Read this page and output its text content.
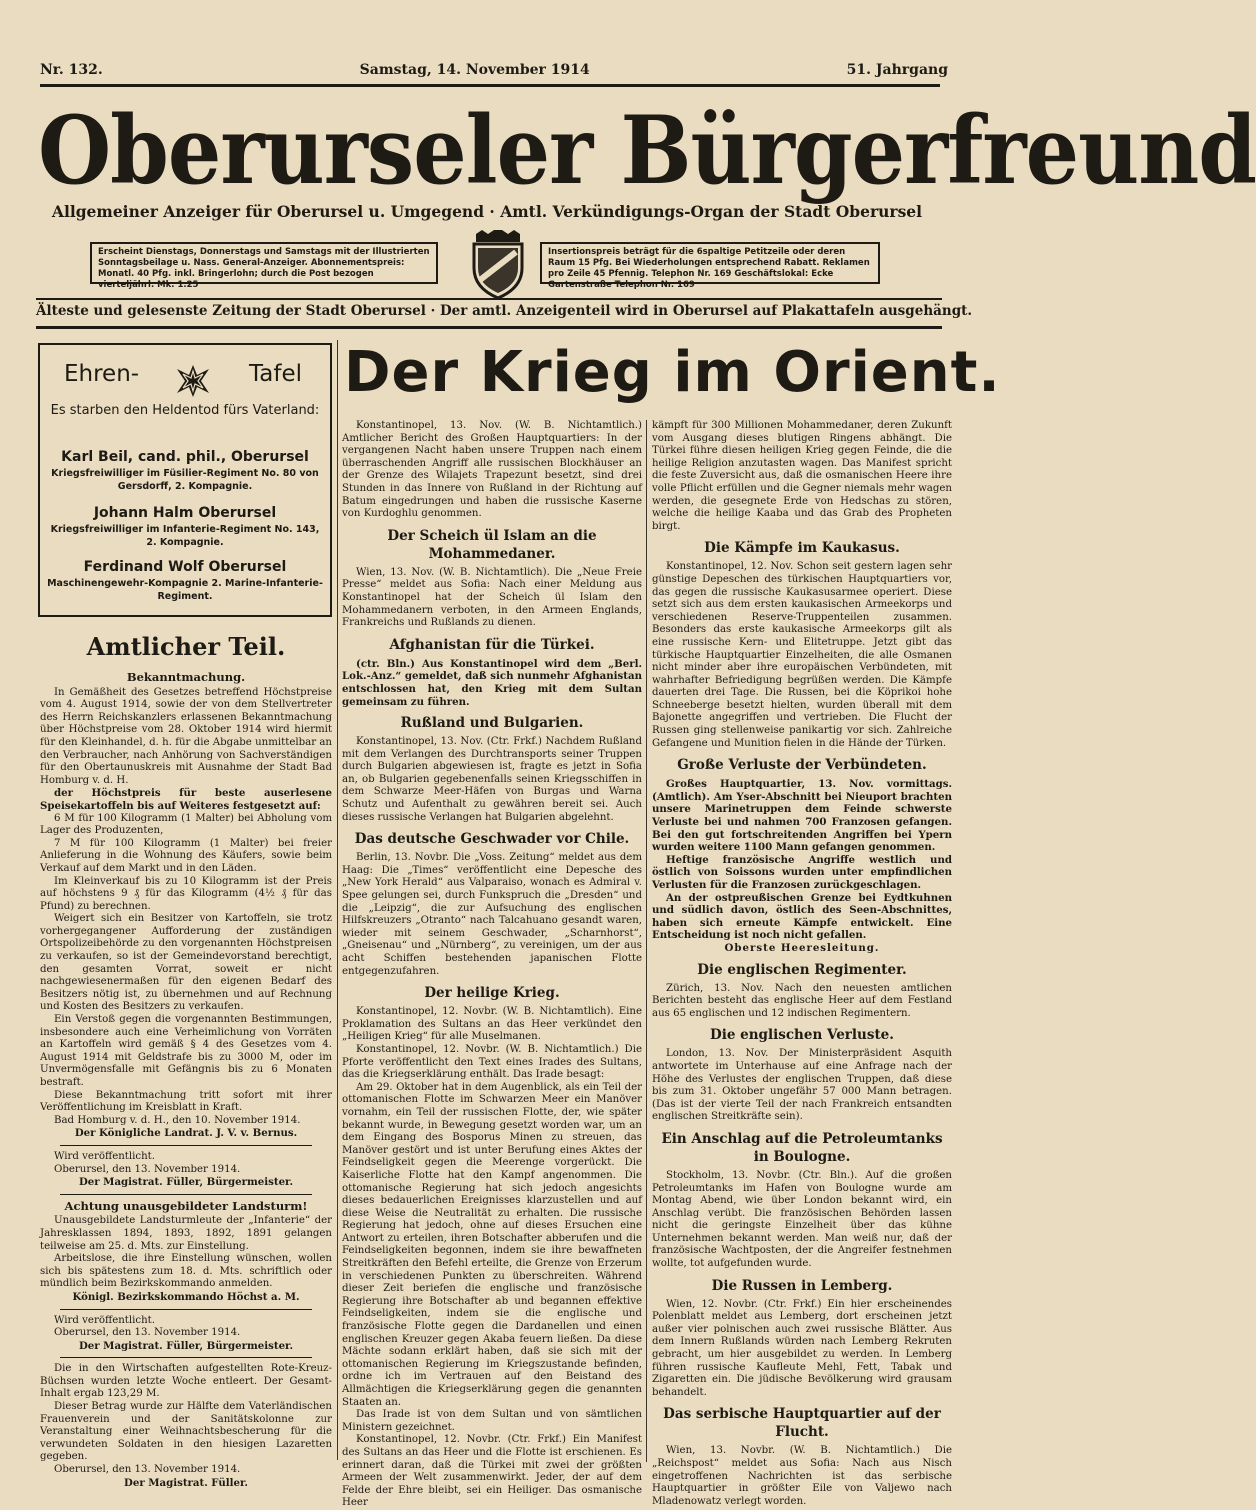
Nr. 132.	Samstag, 14. November 1914	51. Jahrgang
Oberurseler Bürgerfreund
Allgemeiner Anzeiger für Oberursel u. Umgegend · Amtl. Verkündigungs-Organ der Stadt Oberursel
Erscheint Dienstags, Donnerstags und Samstags mit der Illustrierten Sonntagsbeilage u. Nass. General-Anzeiger. Abonnementspreis: Monatl. 40 Pfg. inkl. Bringerlohn; durch die Post bezogen vierteljährl. Mk. 1.25
Insertionspreis beträgt für die 6spaltige Petitzeile oder deren Raum 15 Pfg. Bei Wiederholungen entsprechend Rabatt. Reklamen pro Zeile 45 Pfennig. Telephon Nr. 169 Geschäftslokal: Ecke Gartenstraße Telephon Nr. 169
Älteste und gelesenste Zeitung der Stadt Oberursel · Der amtl. Anzeigenteil wird in Oberursel auf Plakattafeln ausgehängt.
Ehren-	Tafel
Es starben den Heldentod fürs Vaterland:
Karl Beil, cand. phil., Oberursel
Kriegsfreiwilliger im Füsilier-Regiment No. 80 von Gersdorff, 2. Kompagnie.
Johann Halm Oberursel
Kriegsfreiwilliger im Infanterie-Regiment No. 143, 2. Kompagnie.
Ferdinand Wolf Oberursel
Maschinengewehr-Kompagnie 2. Marine-Infanterie-Regiment.
Amtlicher Teil.
Bekanntmachung.

In Gemäßheit des Gesetzes betreffend Höchstpreise vom 4. August 1914, sowie der von dem Stellvertreter des Herrn Reichskanzlers erlassenen Bekanntmachung über Höchstpreise vom 28. Oktober 1914 wird hiermit für den Kleinhandel, d. h. für die Abgabe unmittelbar an den Verbraucher, nach Anhörung von Sachverständigen für den Obertaunuskreis mit Ausnahme der Stadt Bad Homburg v. d. H.

der Höchstpreis für beste auserlesene Speisekartoffeln bis auf Weiteres festgesetzt auf:

6 M für 100 Kilogramm (1 Malter) bei Abholung vom Lager des Produzenten,

7 M für 100 Kilogramm (1 Malter) bei freier Anlieferung in die Wohnung des Käufers, sowie beim Verkauf auf dem Markt und in den Läden.

Im Kleinverkauf bis zu 10 Kilogramm ist der Preis auf höchstens 9 ₰ für das Kilogramm (4½ ₰ für das Pfund) zu berechnen.

Weigert sich ein Besitzer von Kartoffeln, sie trotz vorhergegangener Aufforderung der zuständigen Ortspolizeibehörde zu den vorgenannten Höchstpreisen zu verkaufen, so ist der Gemeindevorstand berechtigt, den gesamten Vorrat, soweit er nicht nachgewiesenermaßen für den eigenen Bedarf des Besitzers nötig ist, zu übernehmen und auf Rechnung und Kosten des Besitzers zu verkaufen.

Ein Verstoß gegen die vorgenannten Bestimmungen, insbesondere auch eine Verheimlichung von Vorräten an Kartoffeln wird gemäß § 4 des Gesetzes vom 4. August 1914 mit Geldstrafe bis zu 3000 M, oder im Unvermögensfalle mit Gefängnis bis zu 6 Monaten bestraft.

Diese Bekanntmachung tritt sofort mit ihrer Veröffentlichung im Kreisblatt in Kraft.

Bad Homburg v. d. H., den 10. November 1914.

Der Königliche Landrat. J. V. v. Bernus.

Wird veröffentlicht.

Oberursel, den 13. November 1914.

Der Magistrat. Füller, Bürgermeister.

Achtung unausgebildeter Landsturm!

Unausgebildete Landsturmleute der „Infanterie“ der Jahresklassen 1894, 1893, 1892, 1891 gelangen teilweise am 25. d. Mts. zur Einstellung.

Arbeitslose, die ihre Einstellung wünschen, wollen sich bis spätestens zum 18. d. Mts. schriftlich oder mündlich beim Bezirkskommando anmelden.

Königl. Bezirkskommando Höchst a. M.

Wird veröffentlicht.

Oberursel, den 13. November 1914.

Der Magistrat. Füller, Bürgermeister.

Die in den Wirtschaften aufgestellten Rote-Kreuz-Büchsen wurden letzte Woche entleert. Der Gesamt-Inhalt ergab 123,29 M.

Dieser Betrag wurde zur Hälfte dem Vaterländischen Frauenverein und der Sanitätskolonne zur Veranstaltung einer Weihnachtsbescherung für die verwundeten Soldaten in den hiesigen Lazaretten gegeben.

Oberursel, den 13. November 1914.

Der Magistrat. Füller.

Der Krieg im Orient.

Konstantinopel, 13. Nov. (W. B. Nichtamtlich.) Amtlicher Bericht des Großen Hauptquartiers: In der vergangenen Nacht haben unsere Truppen nach einem überraschenden Angriff alle russischen Blockhäuser an der Grenze des Wilajets Trapezunt besetzt, sind drei Stunden in das Innere von Rußland in der Richtung auf Batum eingedrungen und haben die russische Kaserne von Kurdoghlu genommen.

Der Scheich ül Islam an die Mohammedaner.

Wien, 13. Nov. (W. B. Nichtamtlich). Die „Neue Freie Presse“ meldet aus Sofia: Nach einer Meldung aus Konstantinopel hat der Scheich ül Islam den Mohammedanern verboten, in den Armeen Englands, Frankreichs und Rußlands zu dienen.

Afghanistan für die Türkei.

(ctr. Bln.) Aus Konstantinopel wird dem „Berl. Lok.-Anz.“ gemeldet, daß sich nunmehr Afghanistan entschlossen hat, den Krieg mit dem Sultan gemeinsam zu führen.

Rußland und Bulgarien.

Konstantinopel, 13. Nov. (Ctr. Frkf.) Nachdem Rußland mit dem Verlangen des Durchtransports seiner Truppen durch Bulgarien abgewiesen ist, fragte es jetzt in Sofia an, ob Bulgarien gegebenenfalls seinen Kriegsschiffen in dem Schwarze Meer-Häfen von Burgas und Warna Schutz und Aufenthalt zu gewähren bereit sei. Auch dieses russische Verlangen hat Bulgarien abgelehnt.

Das deutsche Geschwader vor Chile.

Berlin, 13. Novbr. Die „Voss. Zeitung“ meldet aus dem Haag: Die „Times“ veröffentlicht eine Depesche des „New York Herald“ aus Valparaiso, wonach es Admiral v. Spee gelungen sei, durch Funkspruch die „Dresden“ und die „Leipzig“, die zur Aufsuchung des englischen Hilfskreuzers „Otranto“ nach Talcahuano gesandt waren, wieder mit seinem Geschwader, „Scharnhorst“, „Gneisenau“ und „Nürnberg“, zu vereinigen, um der aus acht Schiffen bestehenden japanischen Flotte entgegenzufahren.

Der heilige Krieg.

Konstantinopel, 12. Novbr. (W. B. Nichtamtlich). Eine Proklamation des Sultans an das Heer verkündet den „Heiligen Krieg“ für alle Muselmanen.

Konstantinopel, 12. Novbr. (W. B. Nichtamtlich.) Die Pforte veröffentlicht den Text eines Irades des Sultans, das die Kriegserklärung enthält. Das Irade besagt:

Am 29. Oktober hat in dem Augenblick, als ein Teil der ottomanischen Flotte im Schwarzen Meer ein Manöver vornahm, ein Teil der russischen Flotte, der, wie später bekannt wurde, in Bewegung gesetzt worden war, um an dem Eingang des Bosporus Minen zu streuen, das Manöver gestört und ist unter Berufung eines Aktes der Feindseligkeit gegen die Meerenge vorgerückt. Die Kaiserliche Flotte hat den Kampf angenommen. Die ottomanische Regierung hat sich jedoch angesichts dieses bedauerlichen Ereignisses klarzustellen und auf diese Weise die Neutralität zu erhalten. Die russische Regierung hat jedoch, ohne auf dieses Ersuchen eine Antwort zu erteilen, ihren Botschafter abberufen und die Feindseligkeiten begonnen, indem sie ihre bewaffneten Streitkräften den Befehl erteilte, die Grenze von Erzerum in verschiedenen Punkten zu überschreiten. Während dieser Zeit beriefen die englische und französische Regierung ihre Botschafter ab und begannen effektive Feindseligkeiten, indem sie die englische und französische Flotte gegen die Dardanellen und einen englischen Kreuzer gegen Akaba feuern ließen. Da diese Mächte sodann erklärt haben, daß sie sich mit der ottomanischen Regierung im Kriegszustande befinden, ordne ich im Vertrauen auf den Beistand des Allmächtigen die Kriegserklärung gegen die genannten Staaten an.

Das Irade ist von dem Sultan und von sämtlichen Ministern gezeichnet.

Konstantinopel, 12. Novbr. (Ctr. Frkf.) Ein Manifest des Sultans an das Heer und die Flotte ist erschienen. Es erinnert daran, daß die Türkei mit zwei der größten Armeen der Welt zusammenwirkt. Jeder, der auf dem Felde der Ehre bleibt, sei ein Heiliger. Das osmanische Heer

kämpft für 300 Millionen Mohammedaner, deren Zukunft vom Ausgang dieses blutigen Ringens abhängt. Die Türkei führe diesen heiligen Krieg gegen Feinde, die die heilige Religion anzutasten wagen. Das Manifest spricht die feste Zuversicht aus, daß die osmanischen Heere ihre volle Pflicht erfüllen und die Gegner niemals mehr wagen werden, die gesegnete Erde von Hedschas zu stören, welche die heilige Kaaba und das Grab des Propheten birgt.

Die Kämpfe im Kaukasus.

Konstantinopel, 12. Nov. Schon seit gestern lagen sehr günstige Depeschen des türkischen Hauptquartiers vor, das gegen die russische Kaukasusarmee operiert. Diese setzt sich aus dem ersten kaukasischen Armeekorps und verschiedenen Reserve-Truppenteilen zusammen. Besonders das erste kaukasische Armeekorps gilt als eine russische Kern- und Elitetruppe. Jetzt gibt das türkische Hauptquartier Einzelheiten, die alle Osmanen nicht minder aber ihre europäischen Verbündeten, mit wahrhafter Befriedigung begrüßen werden. Die Kämpfe dauerten drei Tage. Die Russen, bei die Köprikoi hohe Schneeberge besetzt hielten, wurden überall mit dem Bajonette angegriffen und vertrieben. Die Flucht der Russen ging stellenweise panikartig vor sich. Zahlreiche Gefangene und Munition fielen in die Hände der Türken.

Große Verluste der Verbündeten.

Großes Hauptquartier, 13. Nov. vormittags. (Amtlich). Am Yser-Abschnitt bei Nieuport brachten unsere Marinetruppen dem Feinde schwerste Verluste bei und nahmen 700 Franzosen gefangen. Bei den gut fortschreitenden Angriffen bei Ypern wurden weitere 1100 Mann gefangen genommen.

Heftige französische Angriffe westlich und östlich von Soissons wurden unter empfindlichen Verlusten für die Franzosen zurückgeschlagen.

An der ostpreußischen Grenze bei Eydtkuhnen und südlich davon, östlich des Seen-Abschnittes, haben sich erneute Kämpfe entwickelt. Eine Entscheidung ist noch nicht gefallen.

Oberste Heeresleitung.

Die englischen Regimenter.

Zürich, 13. Nov. Nach den neuesten amtlichen Berichten besteht das englische Heer auf dem Festland aus 65 englischen und 12 indischen Regimentern.

Die englischen Verluste.

London, 13. Nov. Der Ministerpräsident Asquith antwortete im Unterhause auf eine Anfrage nach der Höhe des Verlustes der englischen Truppen, daß diese bis zum 31. Oktober ungefähr 57 000 Mann betragen. (Das ist der vierte Teil der nach Frankreich entsandten englischen Streitkräfte sein).

Ein Anschlag auf die Petroleumtanks in Boulogne.

Stockholm, 13. Novbr. (Ctr. Bln.). Auf die großen Petroleumtanks im Hafen von Boulogne wurde am Montag Abend, wie über London bekannt wird, ein Anschlag verübt. Die französischen Behörden lassen nicht die geringste Einzelheit über das kühne Unternehmen bekannt werden. Man weiß nur, daß der französische Wachtposten, der die Angreifer festnehmen wollte, tot aufgefunden wurde.

Die Russen in Lemberg.

Wien, 12. Novbr. (Ctr. Frkf.) Ein hier erscheinendes Polenblatt meldet aus Lemberg, dort erscheinen jetzt außer vier polnischen auch zwei russische Blätter. Aus dem Innern Rußlands würden nach Lemberg Rekruten gebracht, um hier ausgebildet zu werden. In Lemberg führen russische Kaufleute Mehl, Fett, Tabak und Zigaretten ein. Die jüdische Bevölkerung wird grausam behandelt.

Das serbische Hauptquartier auf der Flucht.

Wien, 13. Novbr. (W. B. Nichtamtlich.) Die „Reichspost“ meldet aus Sofia: Nach aus Nisch eingetroffenen Nachrichten ist das serbische Hauptquartier in größter Eile von Valjewo nach Mladenowatz verlegt worden.
